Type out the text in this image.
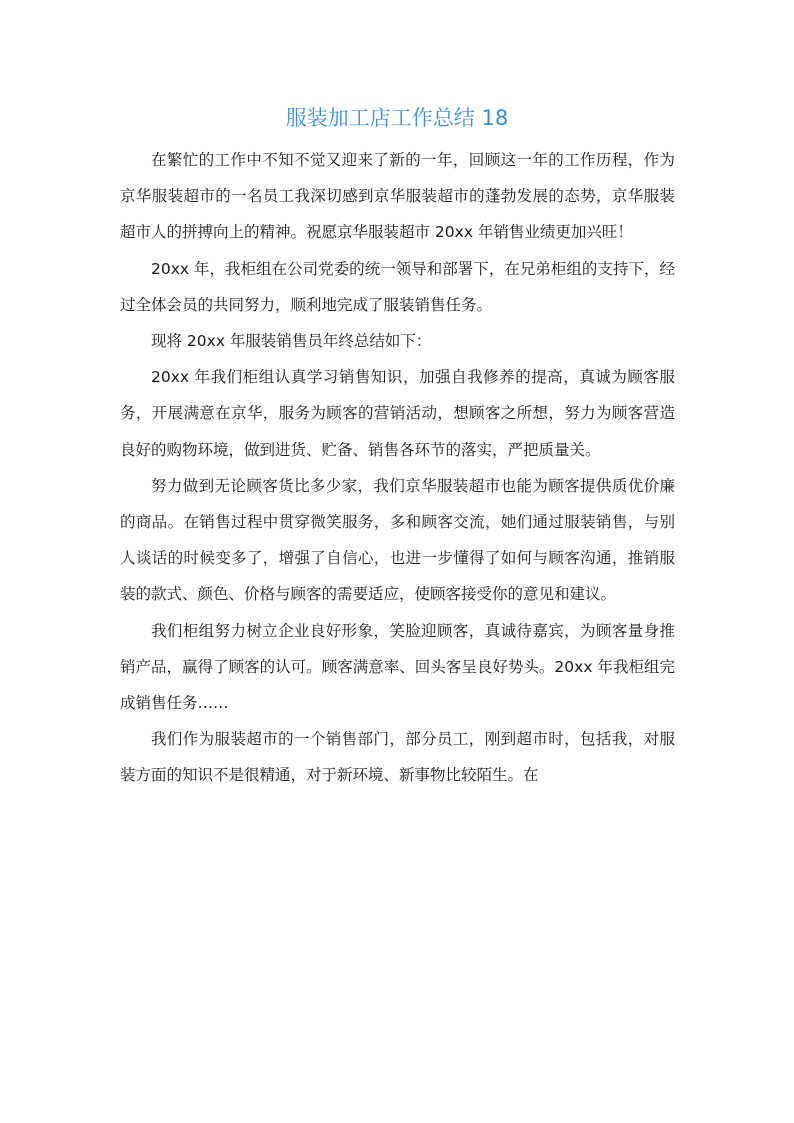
服装加工店工作总结 18

在繁忙的工作中不知不觉又迎来了新的一年，回顾这一年的工作历程，作为京华服装超市的一名员工我深切感到京华服装超市的蓬勃发展的态势，京华服装超市人的拼搏向上的精神。祝愿京华服装超市 20xx 年销售业绩更加兴旺！

20xx 年，我柜组在公司党委的统一领导和部署下，在兄弟柜组的支持下，经过全体会员的共同努力，顺利地完成了服装销售任务。

现将 20xx 年服装销售员年终总结如下：

20xx 年我们柜组认真学习销售知识，加强自我修养的提高，真诚为顾客服务，开展满意在京华，服务为顾客的营销活动，想顾客之所想，努力为顾客营造良好的购物环境，做到进货、贮备、销售各环节的落实，严把质量关。

努力做到无论顾客货比多少家，我们京华服装超市也能为顾客提供质优价廉的商品。在销售过程中贯穿微笑服务，多和顾客交流，她们通过服装销售，与别人谈话的时候变多了，增强了自信心，也进一步懂得了如何与顾客沟通，推销服装的款式、颜色、价格与顾客的需要适应，使顾客接受你的意见和建议。

我们柜组努力树立企业良好形象，笑脸迎顾客，真诚待嘉宾，为顾客量身推销产品，赢得了顾客的认可。顾客满意率、回头客呈良好势头。20xx 年我柜组完成销售任务……

我们作为服装超市的一个销售部门，部分员工，刚到超市时，包括我，对服装方面的知识不是很精通，对于新环境、新事物比较陌生。在
